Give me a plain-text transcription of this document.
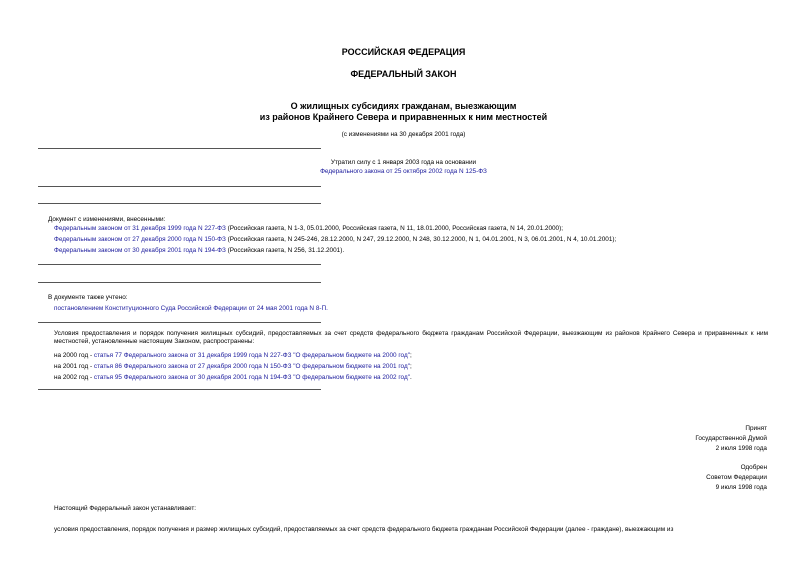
РОССИЙСКАЯ ФЕДЕРАЦИЯ
ФЕДЕРАЛЬНЫЙ ЗАКОН
О жилищных субсидиях гражданам, выезжающим
из районов Крайнего Севера и приравненных к ним местностей
(с изменениями на 30 декабря 2001 года)
Утратил силу с 1 января 2003 года на основании
Федерального закона от 25 октября 2002 года N 125-ФЗ
Документ с изменениями, внесенными:
Федеральным законом от 31 декабря 1999 года N 227-ФЗ (Российская газета, N 1-3, 05.01.2000, Российская газета, N 11, 18.01.2000, Российская газета, N 14, 20.01.2000);
Федеральным законом от 27 декабря 2000 года N 150-ФЗ (Российская газета, N 245-246, 28.12.2000, N 247, 29.12.2000, N 248, 30.12.2000, N 1, 04.01.2001, N 3, 06.01.2001, N 4, 10.01.2001);
Федеральным законом от 30 декабря 2001 года N 194-ФЗ (Российская газета, N 256, 31.12.2001).
В документе также учтено:
постановлением Конституционного Суда Российской Федерации от 24 мая 2001 года N 8-П.
Условия предоставления и порядок получения жилищных субсидий, предоставляемых за счет средств федерального бюджета гражданам Российской Федерации, выезжающим из районов Крайнего Севера и приравненных к ним местностей, установленные настоящим Законом, распространены:
на 2000 год - статья 77 Федерального закона от 31 декабря 1999 года N 227-ФЗ "О федеральном бюджете на 2000 год";
на 2001 год - статья 86 Федерального закона от 27 декабря 2000 года N 150-ФЗ "О федеральном бюджете на 2001 год";
на 2002 год - статья 95 Федерального закона от 30 декабря 2001 года N 194-ФЗ "О федеральном бюджете на 2002 год".
Принят
Государственной Думой
2 июля 1998 года
Одобрен
Советом Федерации
9 июля 1998 года
Настоящий Федеральный закон устанавливает:
условия предоставления, порядок получения и размер жилищных субсидий, предоставляемых за счет средств федерального бюджета гражданам Российской Федерации (далее - граждане), выезжающим из
